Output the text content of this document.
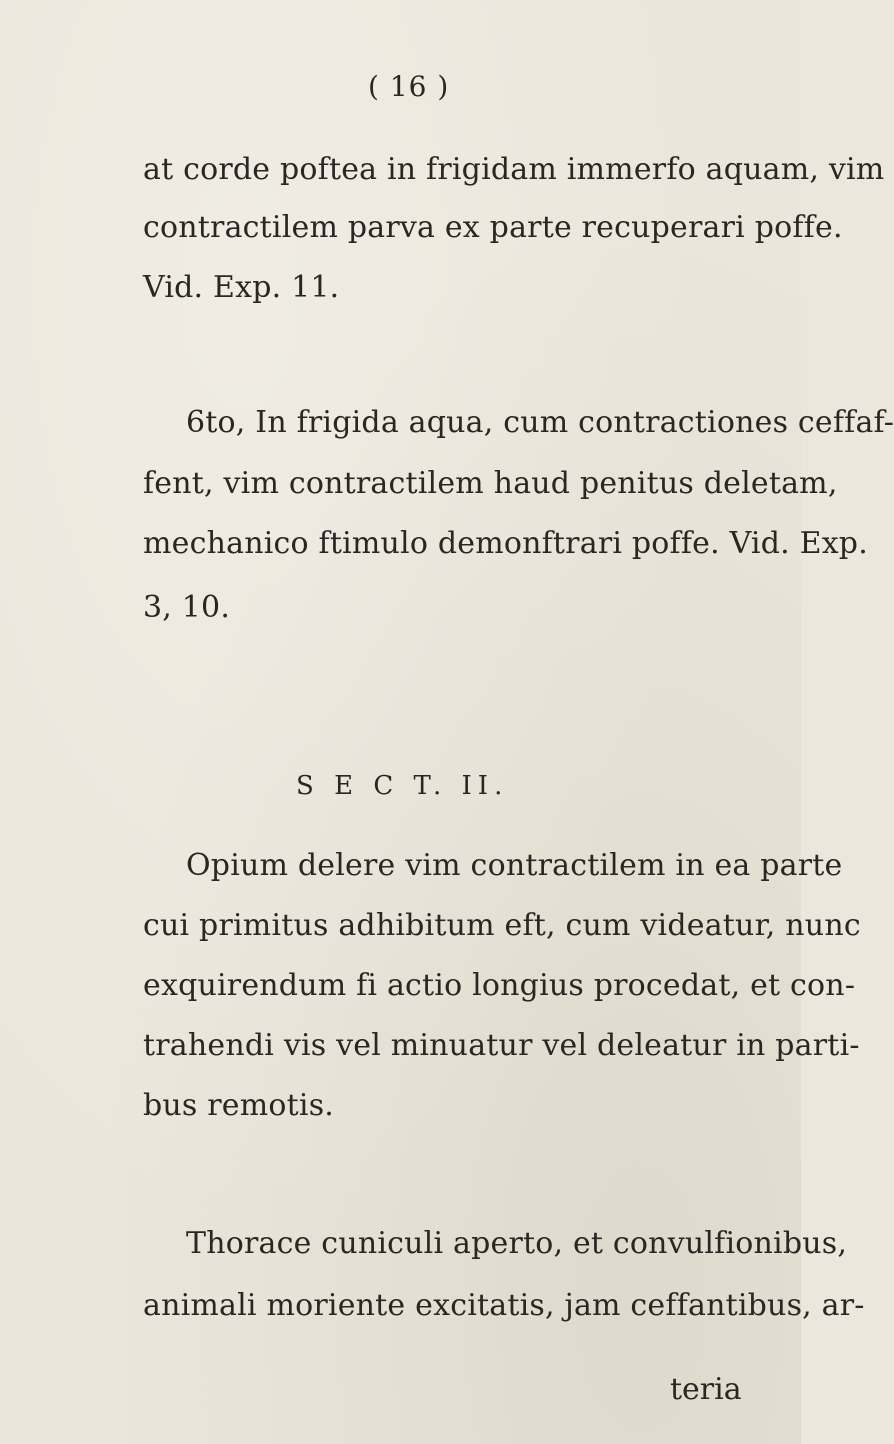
( 16 )
at corde poftea in frigidam immerfo aquam, vim
contractilem parva ex parte recuperari poffe.
Vid. Exp. 11.
6to, In frigida aqua, cum contractiones ceffaf-
fent, vim contractilem haud penitus deletam,
mechanico ftimulo demonftrari poffe. Vid. Exp.
3, 10.
S E C T. II.
Opium delere vim contractilem in ea parte
cui primitus adhibitum eft, cum videatur, nunc
exquirendum fi actio longius procedat, et con-
trahendi vis vel minuatur vel deleatur in parti-
bus remotis.
Thorace cuniculi aperto, et convulfionibus,
animali moriente excitatis, jam ceffantibus, ar-
teria
